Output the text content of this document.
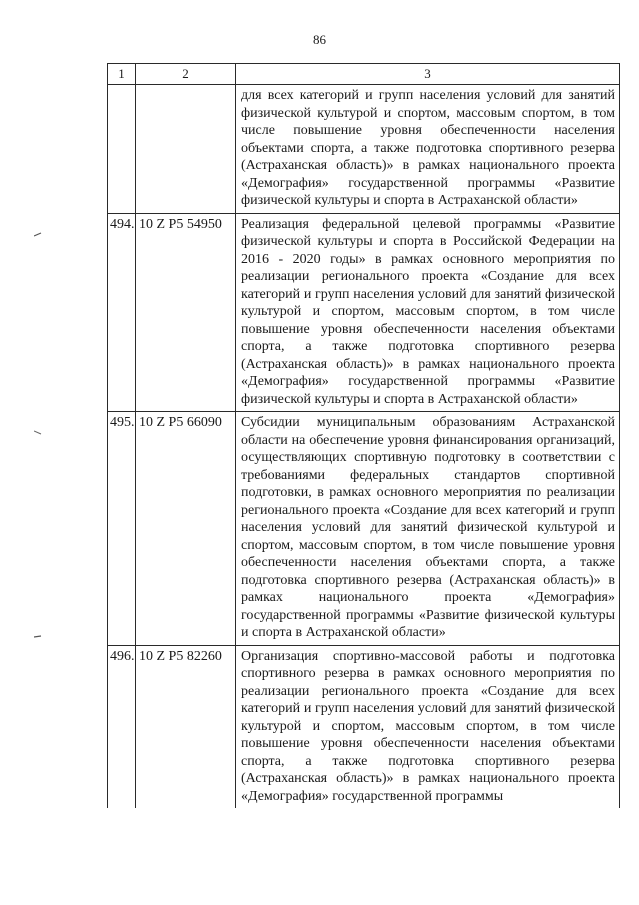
86
1	2	3
		для всех категорий и групп населения условий для занятий физической культурой и спортом, массовым спортом, в том числе повышение уровня обеспеченности населения объектами спорта, а также подготовка спортивного резерва (Астраханская область)» в рамках национального проекта «Демография» государственной программы «Развитие физической культуры и спорта в Астраханской области»
494.	10 Z P5 54950	Реализация федеральной целевой программы «Развитие физической культуры и спорта в Российской Федерации на 2016 - 2020 годы» в рамках основного мероприятия по реализации регионального проекта «Создание для всех категорий и групп населения условий для занятий физической культурой и спортом, массовым спортом, в том числе повышение уровня обеспеченности населения объектами спорта, а также подготовка спортивного резерва (Астраханская область)» в рамках национального проекта «Демография» государственной программы «Развитие физической культуры и спорта в Астраханской области»
495.	10 Z P5 66090	Субсидии муниципальным образованиям Астраханской области на обеспечение уровня финансирования организаций, осуществляющих спортивную подготовку в соответствии с требованиями федеральных стандартов спортивной подготовки, в рамках основного мероприятия по реализации регионального проекта «Создание для всех категорий и групп населения условий для занятий физической культурой и спортом, массовым спортом, в том числе повышение уровня обеспеченности населения объектами спорта, а также подготовка спортивного резерва (Астраханская область)» в рамках национального проекта «Демография» государственной программы «Развитие физической культуры и спорта в Астраханской области»
496.	10 Z P5 82260	Организация спортивно-массовой работы и подготовка спортивного резерва в рамках основного мероприятия по реализации регионального проекта «Создание для всех категорий и групп населения условий для занятий физической культурой и спортом, массовым спортом, в том числе повышение уровня обеспеченности населения объектами спорта, а также подготовка спортивного резерва (Астраханская область)» в рамках национального проекта «Демография» государственной программы
